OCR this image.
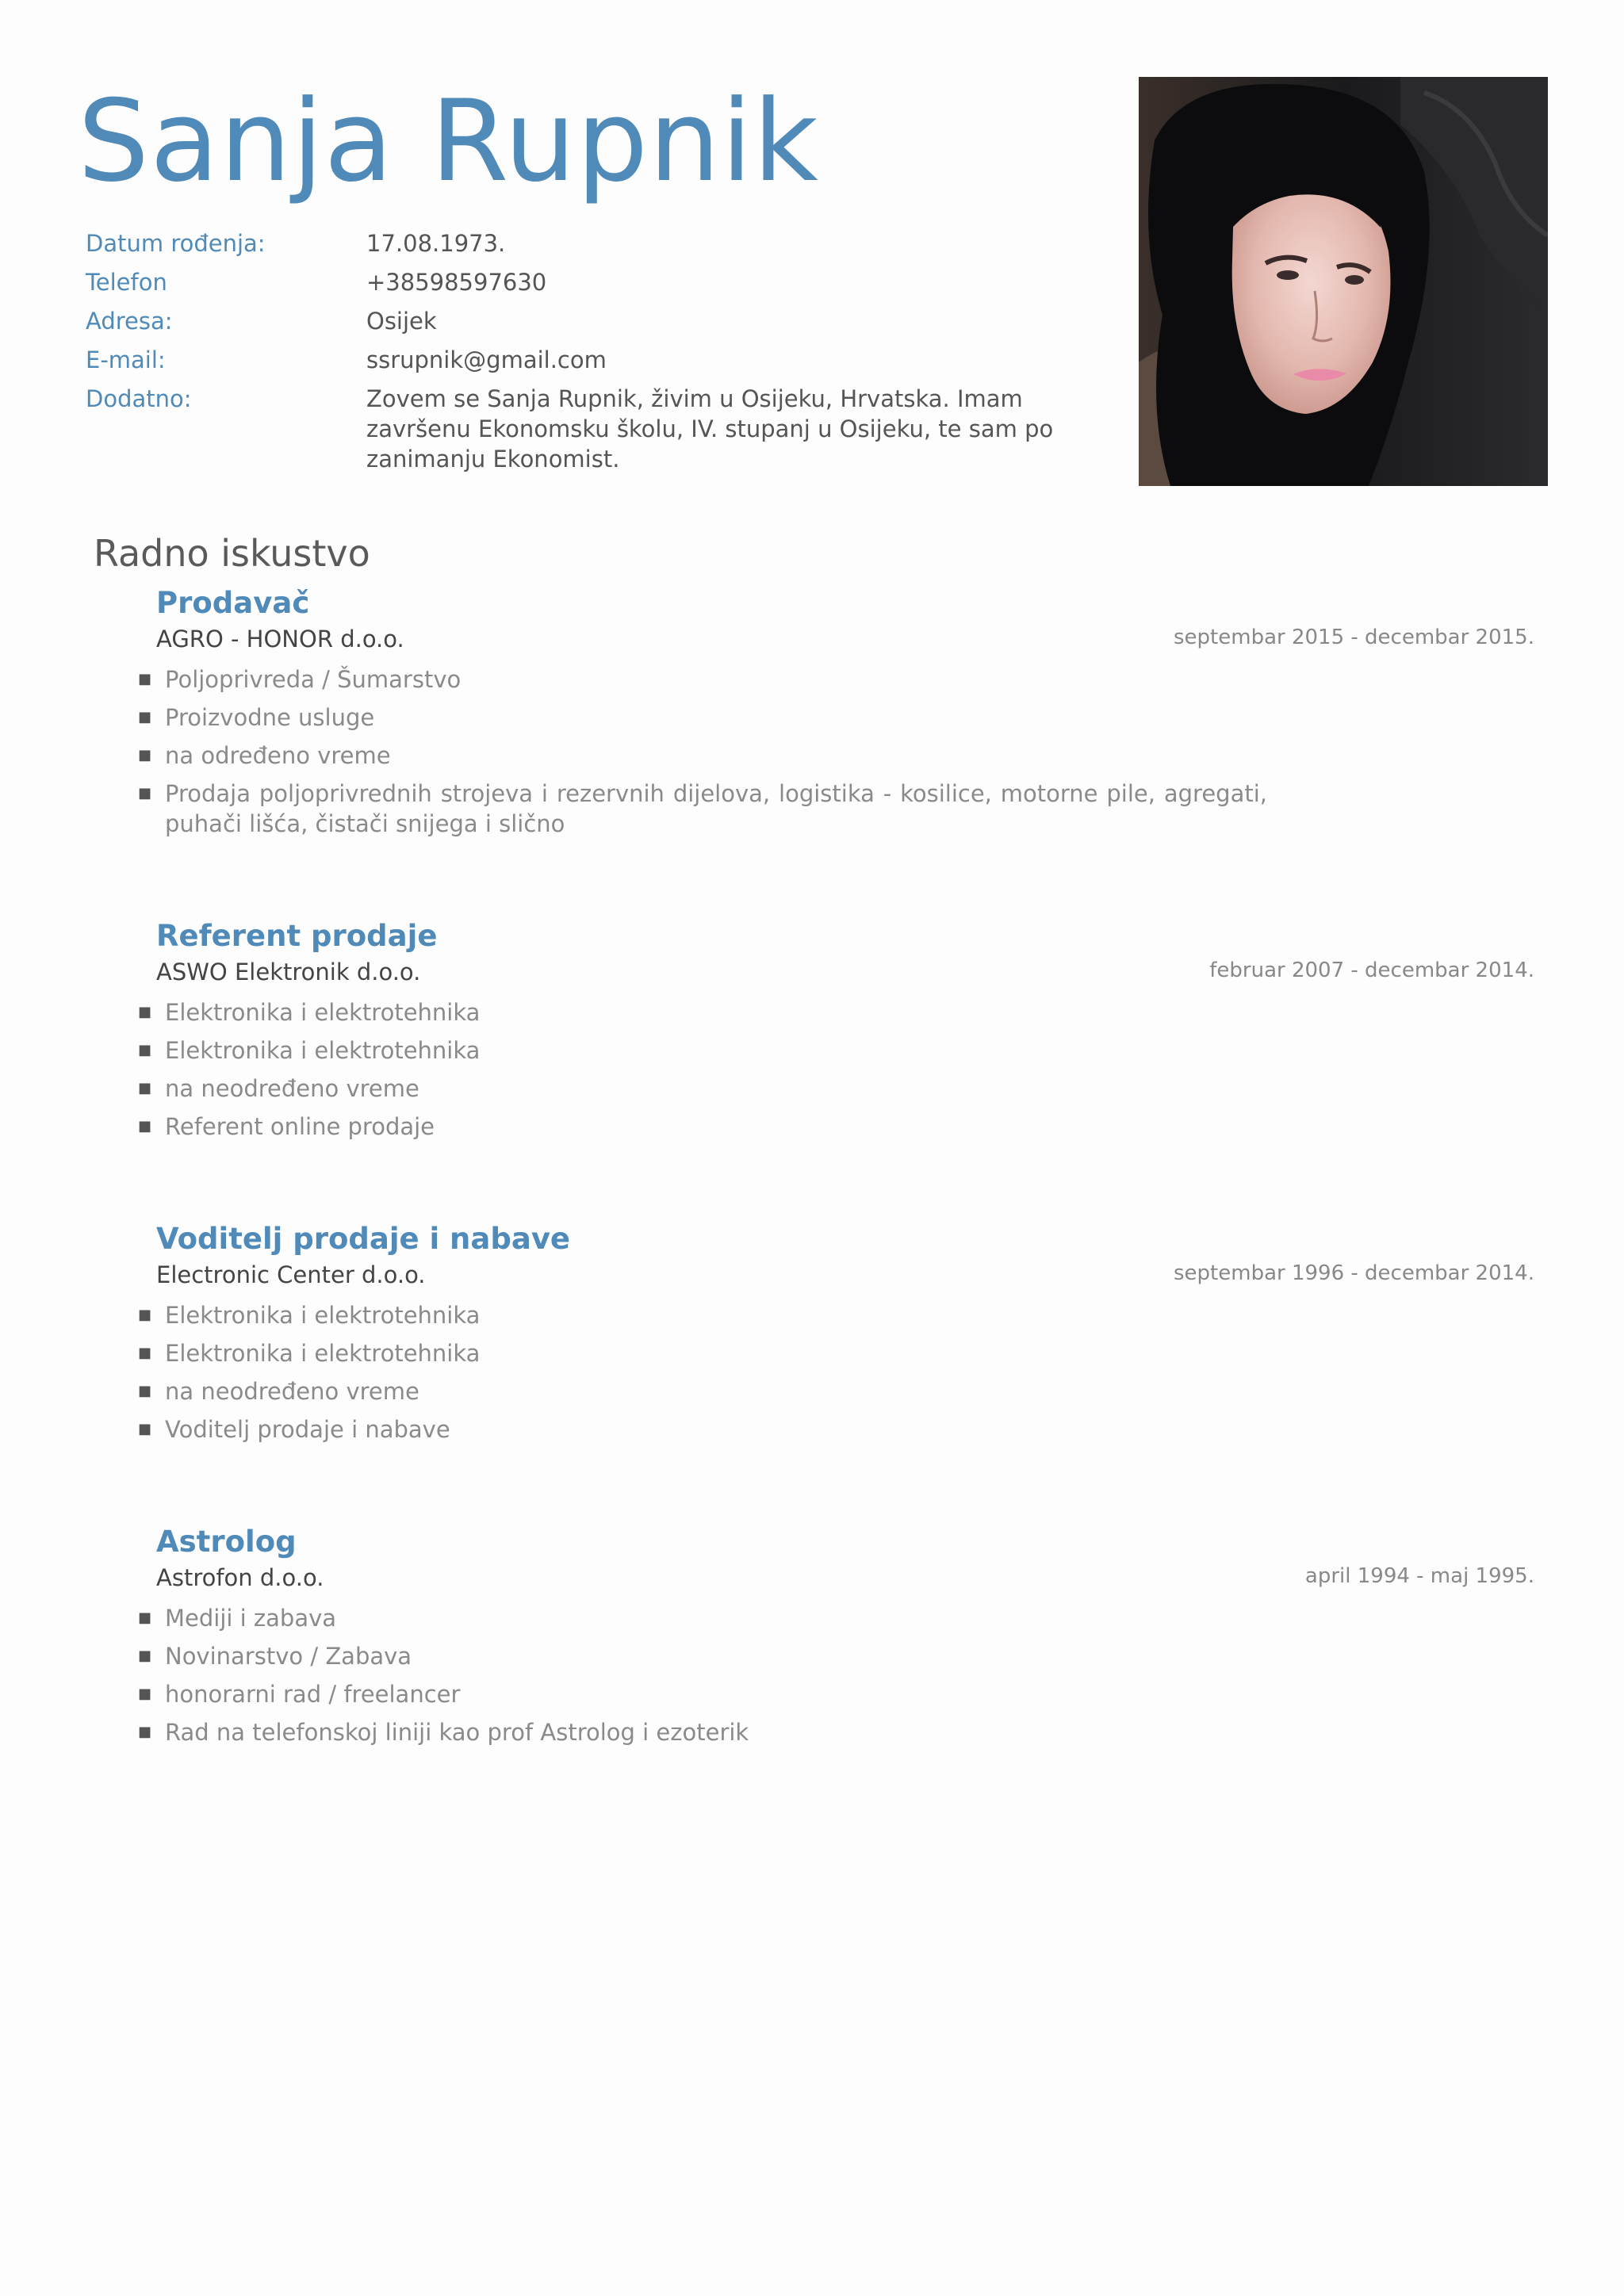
Sanja Rupnik
Datum rođenja:	17.08.1973.
Telefon	+38598597630
Adresa:	Osijek
E-mail:	ssrupnik@gmail.com
Dodatno:	Zovem se Sanja Rupnik, živim u Osijeku, Hrvatska. Imam završenu Ekonomsku školu, IV. stupanj u Osijeku, te sam po zanimanju Ekonomist.
Radno iskustvo
Prodavač
AGRO - HONOR d.o.o.	septembar 2015 - decembar 2015.
■ Poljoprivreda / Šumarstvo
■ Proizvodne usluge
■ na određeno vreme
■ Prodaja poljoprivrednih strojeva i rezervnih dijelova, logistika - kosilice, motorne pile, agregati, puhači lišća, čistači snijega i slično
Referent prodaje
ASWO Elektronik d.o.o.	februar 2007 - decembar 2014.
■ Elektronika i elektrotehnika
■ Elektronika i elektrotehnika
■ na neodređeno vreme
■ Referent online prodaje
Voditelj prodaje i nabave
Electronic Center d.o.o.	septembar 1996 - decembar 2014.
■ Elektronika i elektrotehnika
■ Elektronika i elektrotehnika
■ na neodređeno vreme
■ Voditelj prodaje i nabave
Astrolog
Astrofon d.o.o.	april 1994 - maj 1995.
■ Mediji i zabava
■ Novinarstvo / Zabava
■ honorarni rad / freelancer
■ Rad na telefonskoj liniji kao prof Astrolog i ezoterik
